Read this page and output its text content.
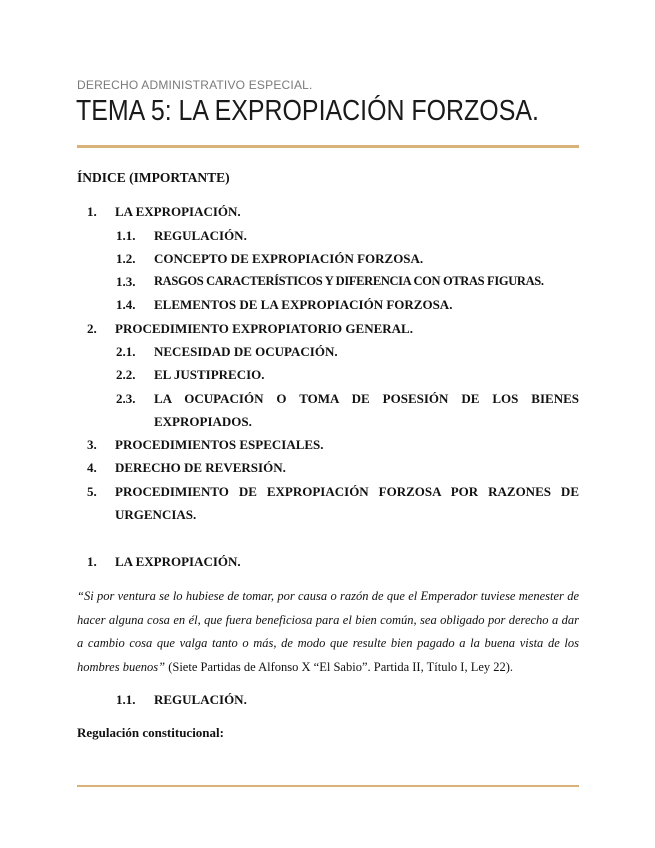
DERECHO ADMINISTRATIVO ESPECIAL.
TEMA 5: LA EXPROPIACIÓN FORZOSA.
ÍNDICE (IMPORTANTE)
1. LA EXPROPIACIÓN.
1.1. REGULACIÓN.
1.2. CONCEPTO DE EXPROPIACIÓN FORZOSA.
1.3. RASGOS CARACTERÍSTICOS Y DIFERENCIA CON OTRAS FIGURAS.
1.4. ELEMENTOS DE LA EXPROPIACIÓN FORZOSA.
2. PROCEDIMIENTO EXPROPIATORIO GENERAL.
2.1. NECESIDAD DE OCUPACIÓN.
2.2. EL JUSTIPRECIO.
2.3. LA OCUPACIÓN O TOMA DE POSESIÓN DE LOS BIENES
EXPROPIADOS.
3. PROCEDIMIENTOS ESPECIALES.
4. DERECHO DE REVERSIÓN.
5. PROCEDIMIENTO DE EXPROPIACIÓN FORZOSA POR RAZONES DE
URGENCIAS.
1. LA EXPROPIACIÓN.
“Si por ventura se lo hubiese de tomar, por causa o razón de que el Emperador tuviese menester de hacer alguna cosa en él, que fuera beneficiosa para el bien común, sea obligado por derecho a dar a cambio cosa que valga tanto o más, de modo que resulte bien pagado a la buena vista de los hombres buenos” (Siete Partidas de Alfonso X “El Sabio”. Partida II, Título I, Ley 22).
1.1. REGULACIÓN.
Regulación constitucional:
